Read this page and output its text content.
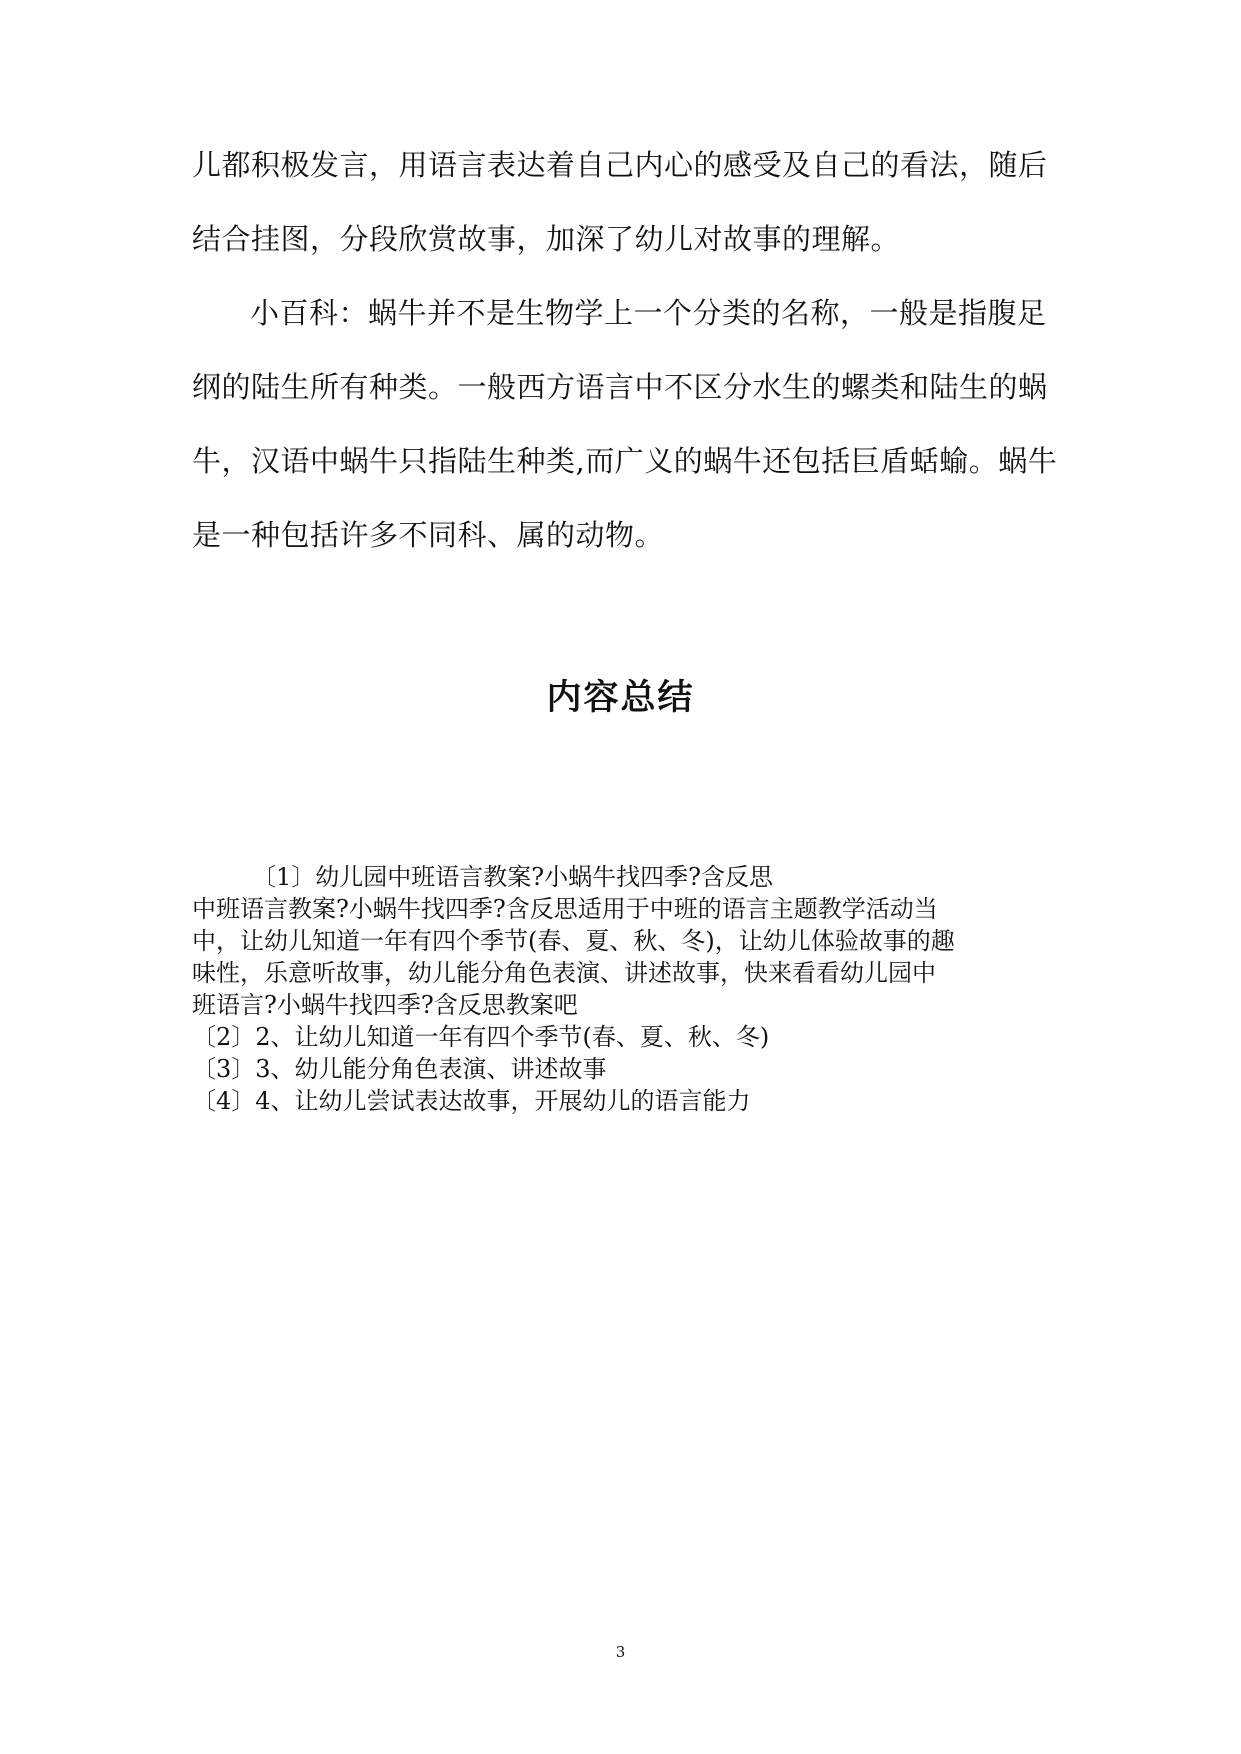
儿都积极发言，用语言表达着自己内心的感受及自己的看法，随后
结合挂图，分段欣赏故事，加深了幼儿对故事的理解。
小百科：蜗牛并不是生物学上一个分类的名称，一般是指腹足
纲的陆生所有种类。一般西方语言中不区分水生的螺类和陆生的蜗
牛，汉语中蜗牛只指陆生种类,而广义的蜗牛还包括巨盾蛞蝓。蜗牛
是一种包括许多不同科、属的动物。
内容总结
〔1〕幼儿园中班语言教案?小蜗牛找四季?含反思
中班语言教案?小蜗牛找四季?含反思适用于中班的语言主题教学活动当
中，让幼儿知道一年有四个季节(春、夏、秋、冬)，让幼儿体验故事的趣
味性，乐意听故事，幼儿能分角色表演、讲述故事，快来看看幼儿园中
班语言?小蜗牛找四季?含反思教案吧
〔2〕2、让幼儿知道一年有四个季节(春、夏、秋、冬)
〔3〕3、幼儿能分角色表演、讲述故事
〔4〕4、让幼儿尝试表达故事，开展幼儿的语言能力
3
